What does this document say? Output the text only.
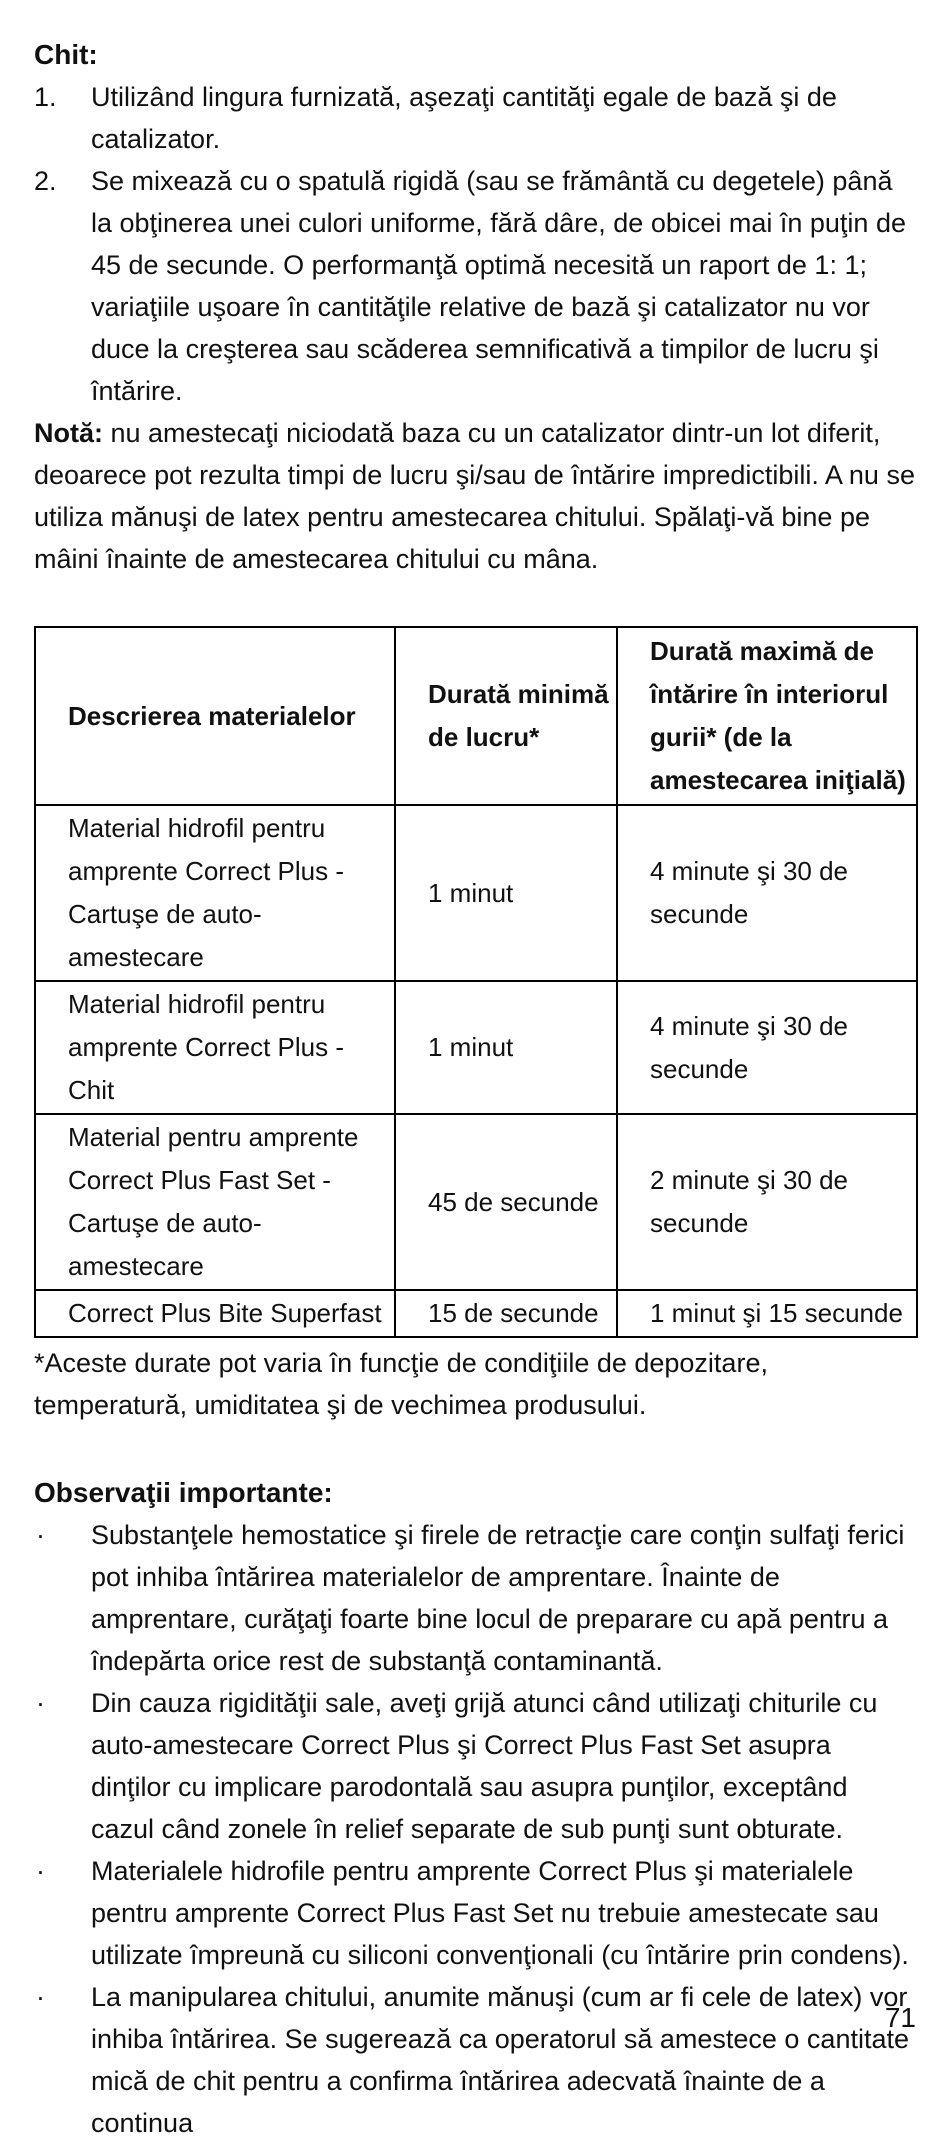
Chit:
1. Utilizând lingura furnizată, aşezaţi cantităţi egale de bază şi de catalizator.
2. Se mixează cu o spatulă rigidă (sau se frământă cu degetele) până la obţinerea unei culori uniforme, fără dâre, de obicei mai în puţin de 45 de secunde. O performanţă optimă necesită un raport de 1: 1; variaţiile uşoare în cantităţile relative de bază şi catalizator nu vor duce la creşterea sau scăderea semnificativă a timpilor de lucru şi întărire.

Notă: nu amestecaţi niciodată baza cu un catalizator dintr-un lot diferit, deoarece pot rezulta timpi de lucru şi/sau de întărire impredictibili. A nu se utiliza mănuşi de latex pentru amestecarea chitului. Spălaţi-vă bine pe mâini înainte de amestecarea chitului cu mâna.

Descrierea materialelor	Durată minimă de lucru*	Durată maximă de întărire în interiorul gurii* (de la amestecarea iniţială)
Material hidrofil pentru amprente Correct Plus - Cartuşe de auto-amestecare	1 minut	4 minute şi 30 de secunde
Material hidrofil pentru amprente Correct Plus - Chit	1 minut	4 minute şi 30 de secunde
Material pentru amprente Correct Plus Fast Set - Cartuşe de auto-amestecare	45 de secunde	2 minute şi 30 de secunde
Correct Plus Bite Superfast	15 de secunde	1 minut şi 15 secunde

*Aceste durate pot varia în funcţie de condiţiile de depozitare, temperatură, umiditatea şi de vechimea produsului.

Observaţii importante:
· Substanţele hemostatice şi firele de retracţie care conţin sulfaţi ferici pot inhiba întărirea materialelor de amprentare. Înainte de amprentare, curăţaţi foarte bine locul de preparare cu apă pentru a îndepărta orice rest de substanţă contaminantă.
· Din cauza rigidităţii sale, aveţi grijă atunci când utilizaţi chiturile cu auto-amestecare Correct Plus şi Correct Plus Fast Set asupra dinţilor cu implicare parodontală sau asupra punţilor, exceptând cazul când zonele în relief separate de sub punţi sunt obturate.
· Materialele hidrofile pentru amprente Correct Plus şi materialele pentru amprente Correct Plus Fast Set nu trebuie amestecate sau utilizate împreună cu siliconi convenţionali (cu întărire prin condens).
· La manipularea chitului, anumite mănuşi (cum ar fi cele de latex) vor inhiba întărirea. Se sugerează ca operatorul să amestece o cantitate mică de chit pentru a confirma întărirea adecvată înainte de a continua
71
